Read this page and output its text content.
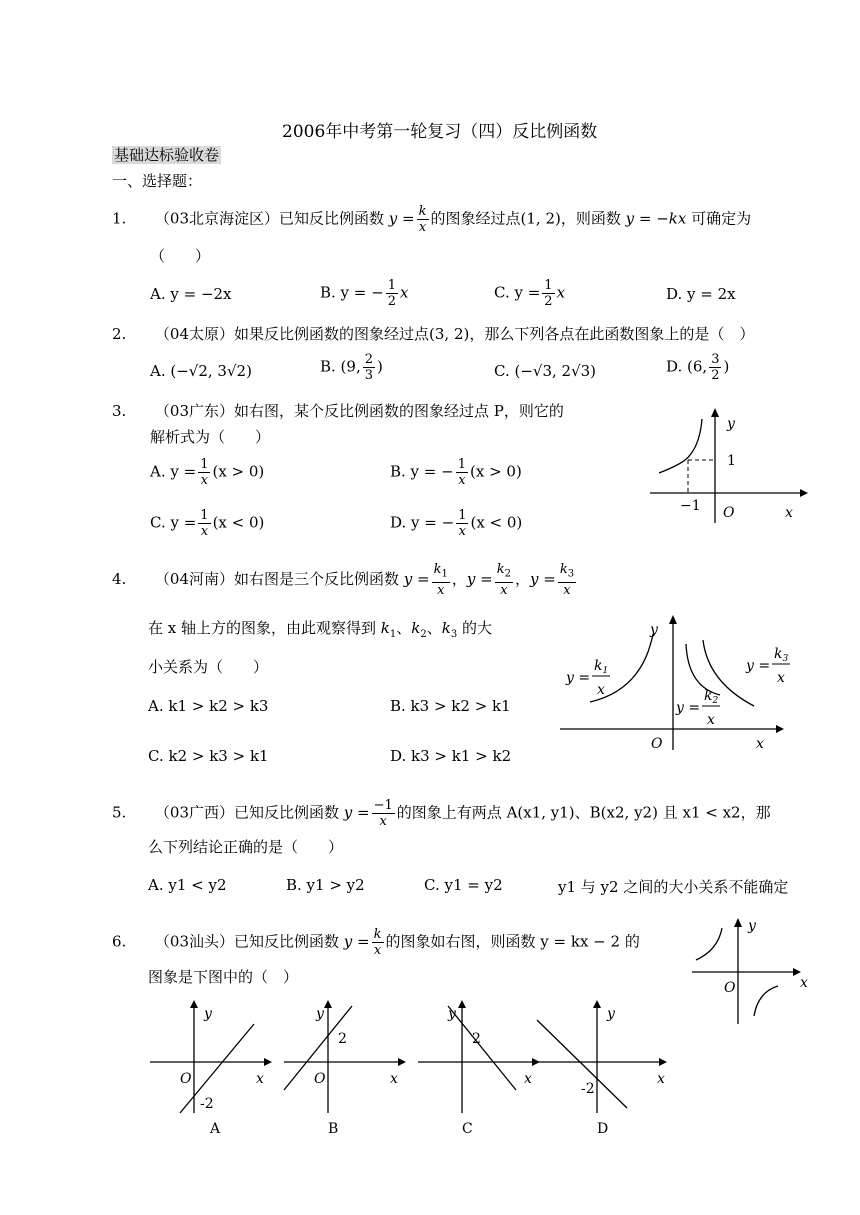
2006年中考第一轮复习（四）反比例函数
基础达标验收卷
一、选择题：
1. （03北京海淀区）已知反比例函数 $y = \frac{k}{x}$ 的图象经过点(1, 2)，则函数 y = −kx 可确定为
（　　）
A. y = −2x	B. y = − $\frac{1}{2}$ x	C. $y = \frac{1}{2}$ x	D. y = 2x
2. （04太原）如果反比例函数的图象经过点(3, 2)，那么下列各点在此函数图象上的是（　）
A. (−√2, 3√2)	B. (9, $\frac{2}{3}$ )	C. (−√3, 2√3)	D. (6, $\frac{3}{2}$ )
3. （03广东）如右图，某个反比例函数的图象经过点 P，则它的
解析式为（　　）
A. $y = \frac{1}{x} (x > 0)$	B. y = − $\frac{1}{x} (x > 0)$
C. $y = \frac{1}{x} (x < 0)$	D. y = − $\frac{1}{x} (x < 0)$
y
1
−1 O	x
4. （04河南）如右图是三个反比例函数 $y = \frac{k_1}{x}$ ，$y = \frac{k_2}{x}$ ，$y = \frac{k_3}{x}$
在 x 轴上方的图象，由此观察得到 $k_1$、$k_2$、$k_3$ 的大
小关系为（　　）
A. k1 > k2 > k3	B. k3 > k2 > k1
C. k2 > k3 > k1	D. k3 > k1 > k2
y
O	x
y =
$k_1$
x
y =
$k_2$
x
y =
$k_3$
x
5. （03广西）已知反比例函数 $y = \frac{-1}{x}$ 的图象上有两点 A(x1, y1)、B(x2, y2) 且 x1 < x2，那
么下列结论正确的是（　　）
A. y1 < y2	B. y1 > y2	C. y1 = y2	y1 与 y2 之间的大小关系不能确定
6. （03汕头）已知反比例函数 $y = \frac{k}{x}$ 的图象如右图，则函数 y = kx − 2 的
图象是下图中的（　）
y
x
O
y
O	x
-2
A
y
2
O	x
B
y
2
x
C
y
-2
x
D
